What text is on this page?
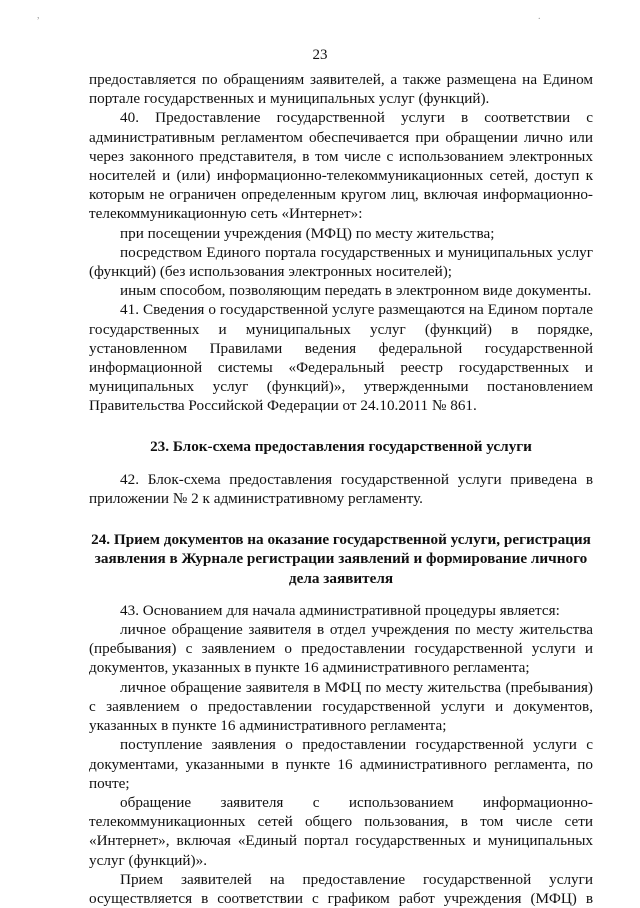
,	.
23

предоставляется по обращениям заявителей, а также размещена на Едином портале государственных и муниципальных услуг (функций).

40. Предоставление государственной услуги в соответствии с административным регламентом обеспечивается при обращении лично или через законного представителя, в том числе с использованием электронных носителей и (или) информационно-телекоммуникационных сетей, доступ к которым не ограничен определенным кругом лиц, включая информационно-телекоммуникационную сеть «Интернет»:

при посещении учреждения (МФЦ) по месту жительства;

посредством Единого портала государственных и муниципальных услуг (функций) (без использования электронных носителей);

иным способом, позволяющим передать в электронном виде документы.

41. Сведения о государственной услуге размещаются на Едином портале государственных и муниципальных услуг (функций) в порядке, установленном Правилами ведения федеральной государственной информационной системы «Федеральный реестр государственных и муниципальных услуг (функций)», утвержденными постановлением Правительства Российской Федерации от 24.10.2011 № 861.

23. Блок-схема предоставления государственной услуги

42. Блок-схема предоставления государственной услуги приведена в приложении № 2 к административному регламенту.

24. Прием документов на оказание государственной услуги, регистрация заявления в Журнале регистрации заявлений и формирование личного дела заявителя

43. Основанием для начала административной процедуры является:

личное обращение заявителя в отдел учреждения по месту жительства (пребывания) с заявлением о предоставлении государственной услуги и документов, указанных в пункте 16 административного регламента;

личное обращение заявителя в МФЦ по месту жительства (пребывания) с заявлением о предоставлении государственной услуги и документов, указанных в пункте 16 административного регламента;

поступление заявления о предоставлении государственной услуги с документами, указанными в пункте 16 административного регламента, по почте;

обращение заявителя с использованием информационно-телекоммуникационных сетей общего пользования, в том числе сети «Интернет», включая «Единый портал государственных и муниципальных услуг (функций)».

Прием заявителей на предоставление государственной услуги осуществляется в соответствии с графиком работ учреждения (МФЦ) в
